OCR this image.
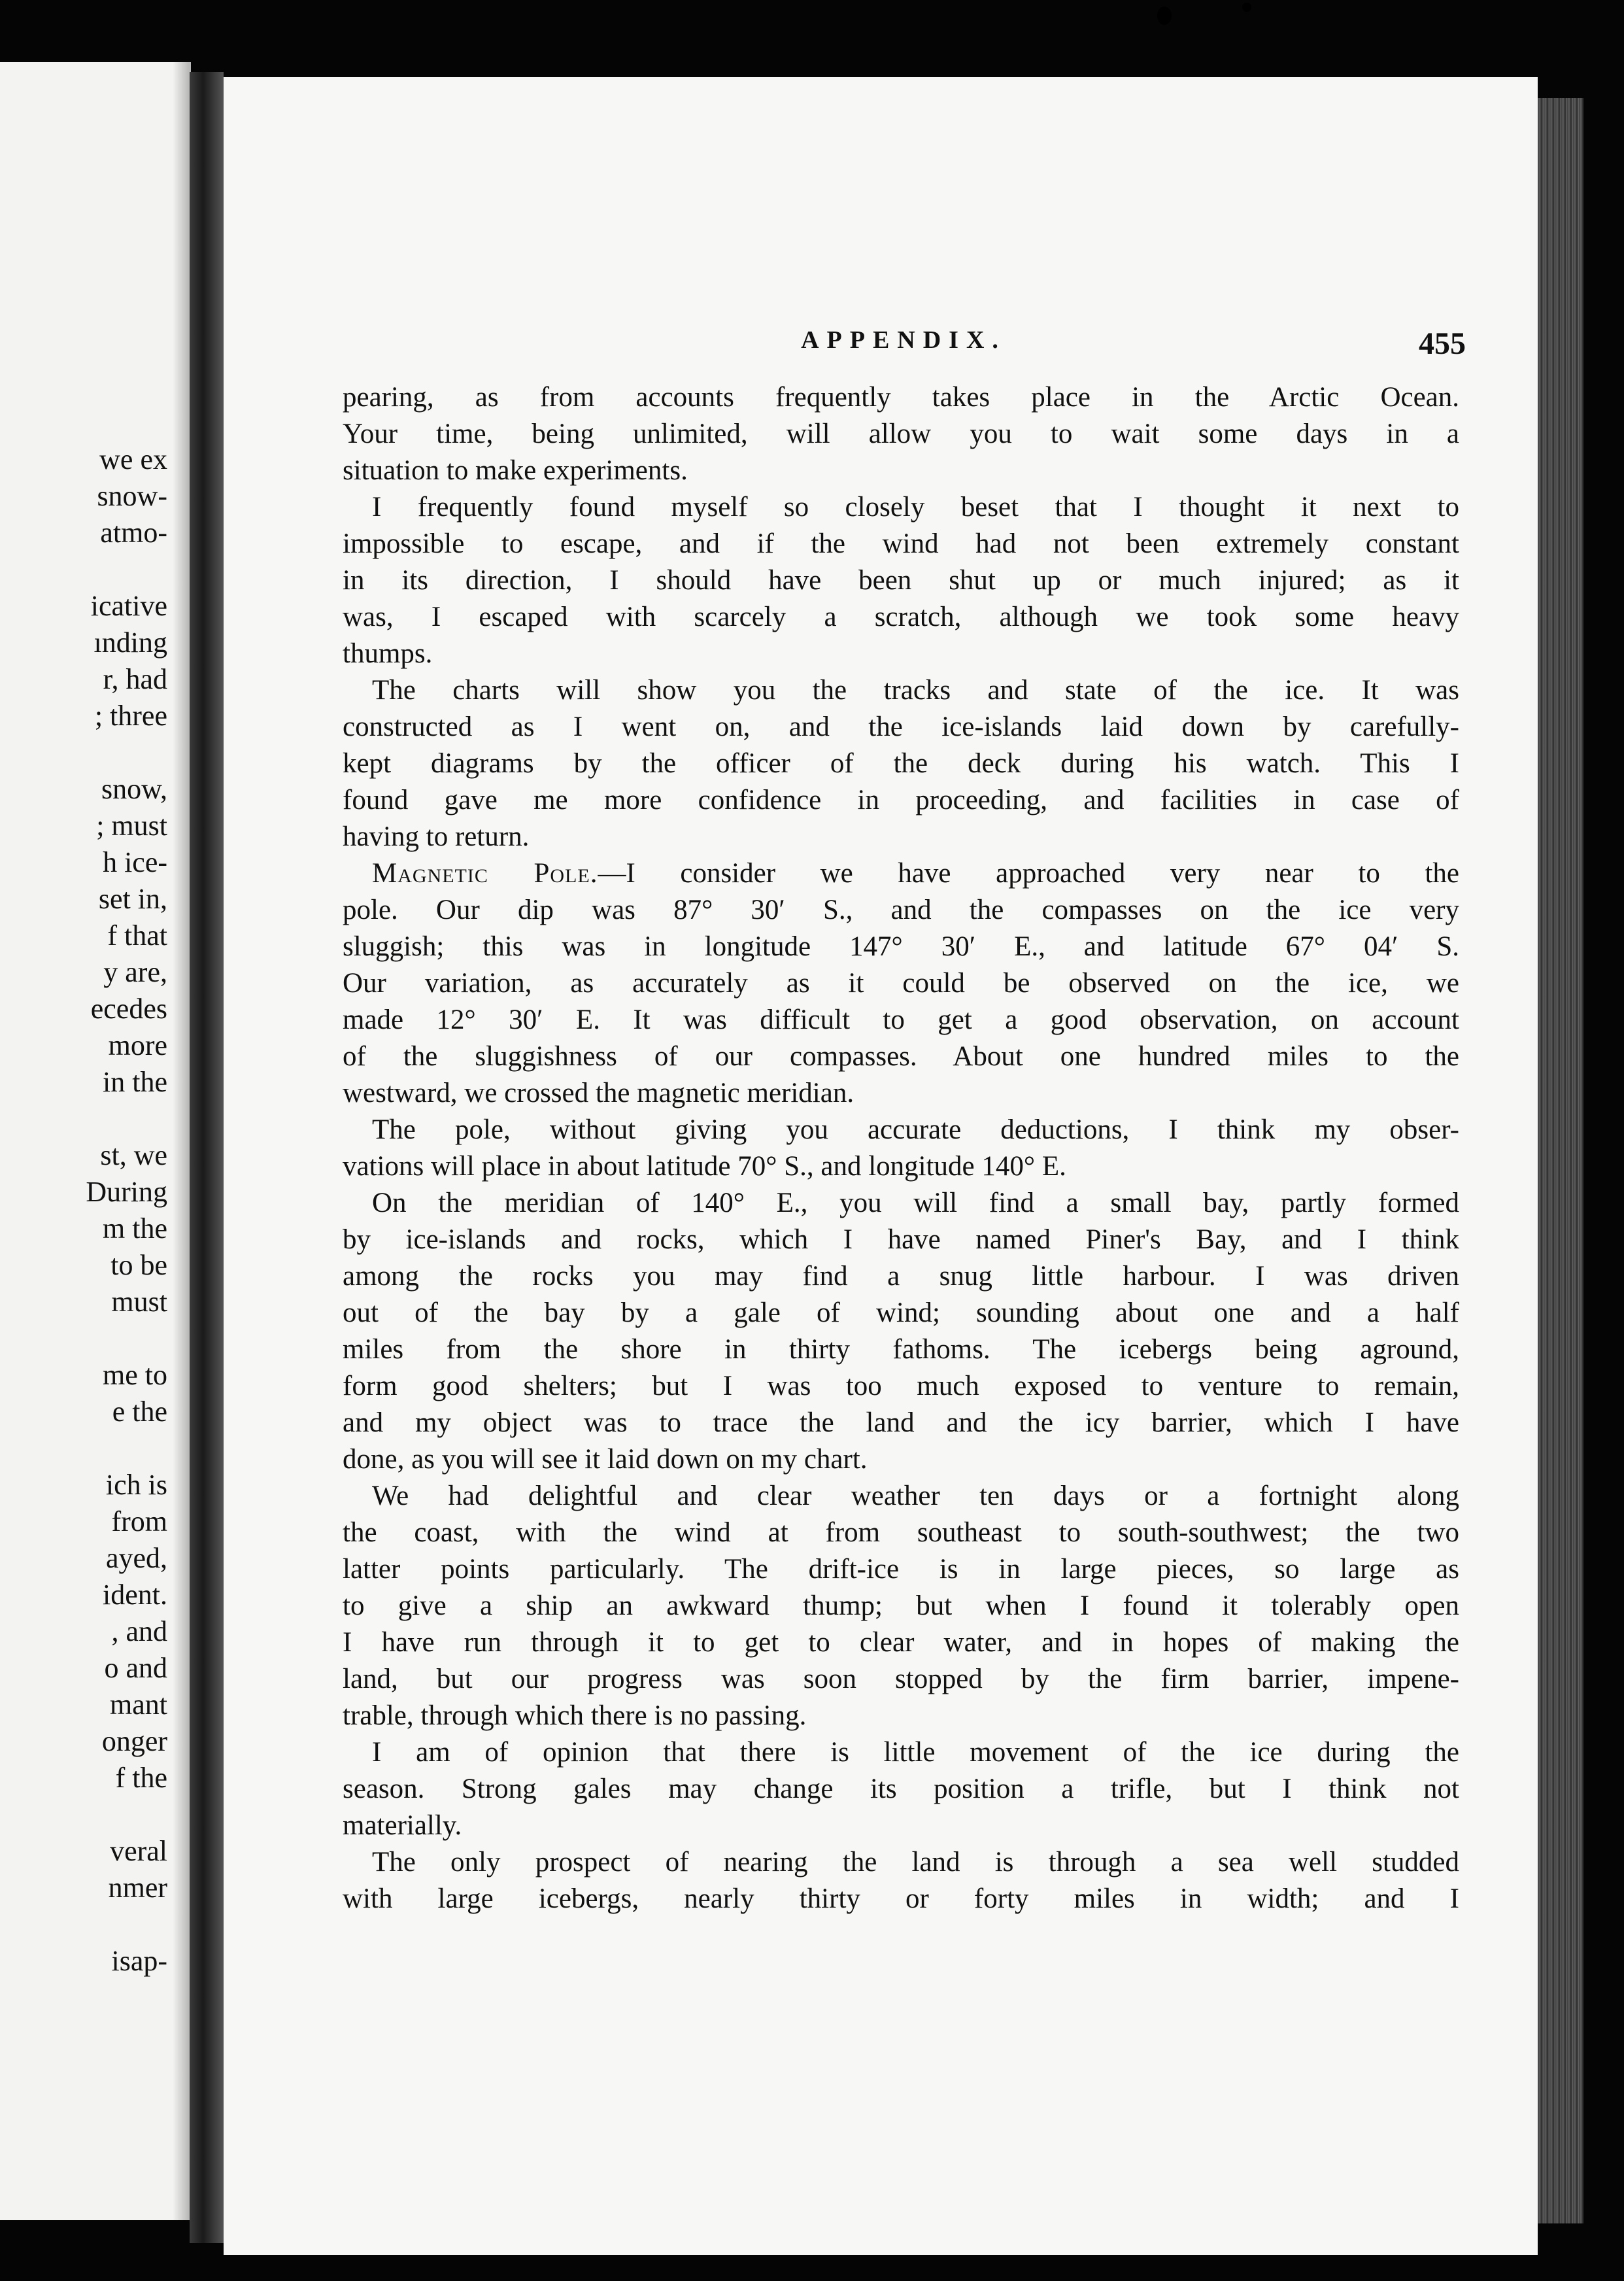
we ex
snow-
atmo-
icative
ınding
r, had
; three
snow,
; must
h ice-
set in,
f that
y are,
ecedes
more
in the
st, we
During
m the
to be
must
me to
e the
ich is
from
ayed,
ident.
, and
o and
mant
onger
f the
veral
nmer
isap-
APPENDIX.	455
pearing, as from accounts frequently takes place in the Arctic Ocean.
Your time, being unlimited, will allow you to wait some days in a
situation to make experiments.
I frequently found myself so closely beset that I thought it next to
impossible to escape, and if the wind had not been extremely constant
in its direction, I should have been shut up or much injured; as it
was, I escaped with scarcely a scratch, although we took some heavy
thumps.
The charts will show you the tracks and state of the ice. It was
constructed as I went on, and the ice-islands laid down by carefully-
kept diagrams by the officer of the deck during his watch. This I
found gave me more confidence in proceeding, and facilities in case of
having to return.
Magnetic Pole.—I consider we have approached very near to the
pole. Our dip was 87° 30′ S., and the compasses on the ice very
sluggish; this was in longitude 147° 30′ E., and latitude 67° 04′ S.
Our variation, as accurately as it could be observed on the ice, we
made 12° 30′ E. It was difficult to get a good observation, on account
of the sluggishness of our compasses. About one hundred miles to the
westward, we crossed the magnetic meridian.
The pole, without giving you accurate deductions, I think my obser-
vations will place in about latitude 70° S., and longitude 140° E.
On the meridian of 140° E., you will find a small bay, partly formed
by ice-islands and rocks, which I have named Piner's Bay, and I think
among the rocks you may find a snug little harbour. I was driven
out of the bay by a gale of wind; sounding about one and a half
miles from the shore in thirty fathoms. The icebergs being aground,
form good shelters; but I was too much exposed to venture to remain,
and my object was to trace the land and the icy barrier, which I have
done, as you will see it laid down on my chart.
We had delightful and clear weather ten days or a fortnight along
the coast, with the wind at from southeast to south-southwest; the two
latter points particularly. The drift-ice is in large pieces, so large as
to give a ship an awkward thump; but when I found it tolerably open
I have run through it to get to clear water, and in hopes of making the
land, but our progress was soon stopped by the firm barrier, impene-
trable, through which there is no passing.
I am of opinion that there is little movement of the ice during the
season. Strong gales may change its position a trifle, but I think not
materially.
The only prospect of nearing the land is through a sea well studded
with large icebergs, nearly thirty or forty miles in width; and I
